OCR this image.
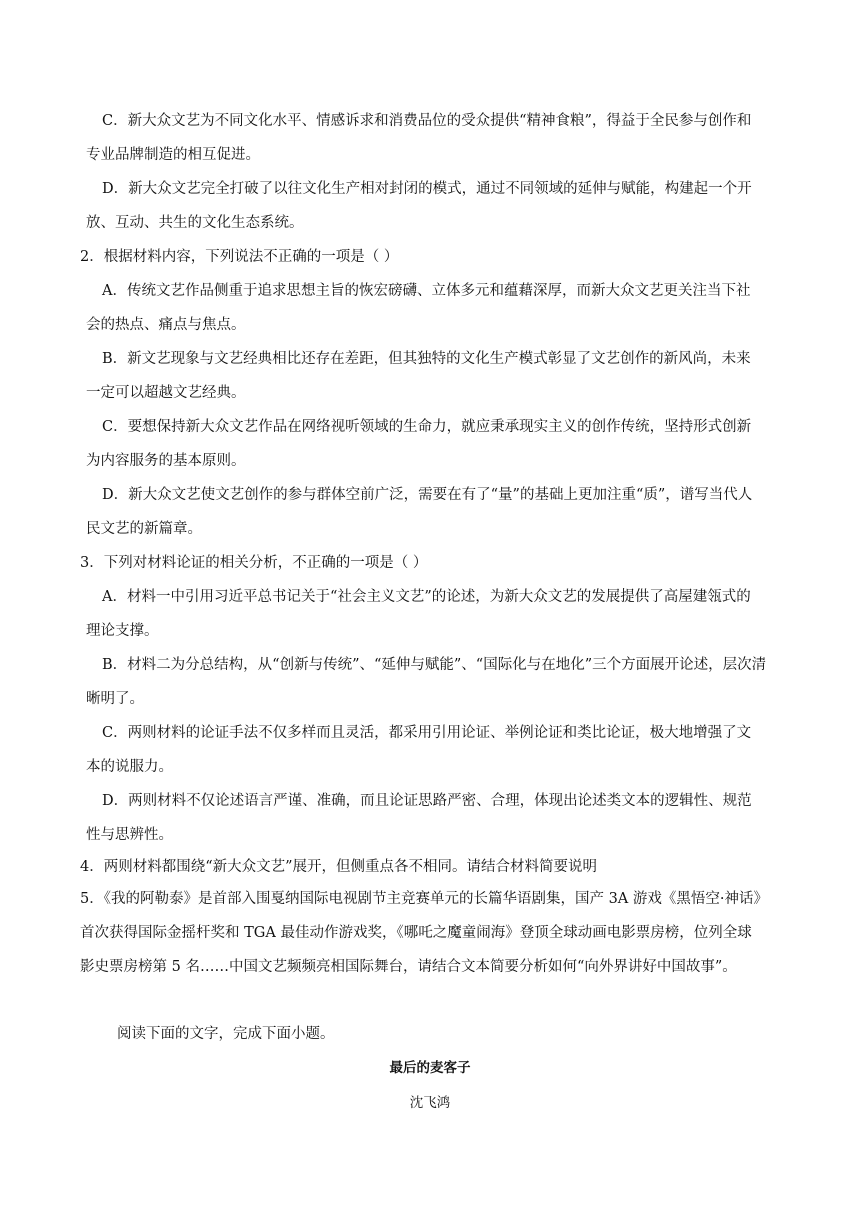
C．新大众文艺为不同文化水平、情感诉求和消费品位的受众提供“精神食粮”，得益于全民参与创作和
专业品牌制造的相互促进。
D．新大众文艺完全打破了以往文化生产相对封闭的模式，通过不同领域的延伸与赋能，构建起一个开
放、互动、共生的文化生态系统。
2．根据材料内容，下列说法不正确的一项是（ ）
A．传统文艺作品侧重于追求思想主旨的恢宏磅礴、立体多元和蕴藉深厚，而新大众文艺更关注当下社
会的热点、痛点与焦点。
B．新文艺现象与文艺经典相比还存在差距，但其独特的文化生产模式彰显了文艺创作的新风尚，未来
一定可以超越文艺经典。
C．要想保持新大众文艺作品在网络视听领域的生命力，就应秉承现实主义的创作传统，坚持形式创新
为内容服务的基本原则。
D．新大众文艺使文艺创作的参与群体空前广泛，需要在有了“量”的基础上更加注重“质”，谱写当代人
民文艺的新篇章。
3．下列对材料论证的相关分析，不正确的一项是（ ）
A．材料一中引用习近平总书记关于“社会主义文艺”的论述，为新大众文艺的发展提供了高屋建瓴式的
理论支撑。
B．材料二为分总结构，从“创新与传统”、“延伸与赋能”、“国际化与在地化”三个方面展开论述，层次清
晰明了。
C．两则材料的论证手法不仅多样而且灵活，都采用引用论证、举例论证和类比论证，极大地增强了文
本的说服力。
D．两则材料不仅论述语言严谨、准确，而且论证思路严密、合理，体现出论述类文本的逻辑性、规范
性与思辨性。
4．两则材料都围绕“新大众文艺”展开，但侧重点各不相同。请结合材料简要说明
5．《我的阿勒泰》是首部入围戛纳国际电视剧节主竞赛单元的长篇华语剧集，国产 3A 游戏《黑悟空·神话》
首次获得国际金摇杆奖和 TGA 最佳动作游戏奖，《哪吒之魔童闹海》登顶全球动画电影票房榜，位列全球
影史票房榜第 5 名……中国文艺频频亮相国际舞台，请结合文本简要分析如何“向外界讲好中国故事”。
阅读下面的文字，完成下面小题。
最后的麦客子
沈飞鸿
